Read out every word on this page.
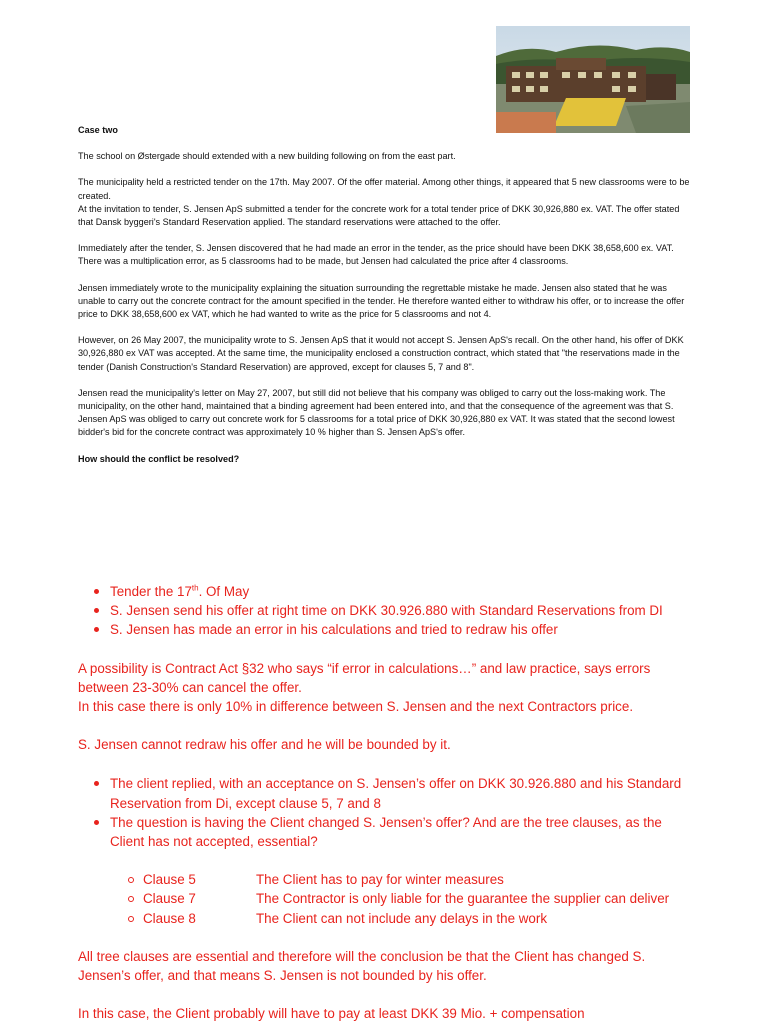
Case two

The school on Østergade should extended with a new building following on from the east part.

The municipality held a restricted tender on the 17th. May 2007. Of the offer material. Among other things, it appeared that 5 new classrooms were to be created.

At the invitation to tender, S. Jensen ApS submitted a tender for the concrete work for a total tender price of DKK 30,926,880 ex. VAT. The offer stated that Dansk byggeri's Standard Reservation applied. The standard reservations were attached to the offer.

Immediately after the tender, S. Jensen discovered that he had made an error in the tender, as the price should have been DKK 38,658,600 ex. VAT. There was a multiplication error, as 5 classrooms had to be made, but Jensen had calculated the price after 4 classrooms.

Jensen immediately wrote to the municipality explaining the situation surrounding the regrettable mistake he made. Jensen also stated that he was unable to carry out the concrete contract for the amount specified in the tender. He therefore wanted either to withdraw his offer, or to increase the offer price to DKK 38,658,600 ex VAT, which he had wanted to write as the price for 5 classrooms and not 4.

However, on 26 May 2007, the municipality wrote to S. Jensen ApS that it would not accept S. Jensen ApS's recall. On the other hand, his offer of DKK 30,926,880 ex VAT was accepted. At the same time, the municipality enclosed a construction contract, which stated that "the reservations made in the tender (Danish Construction's Standard Reservation) are approved, except for clauses 5, 7 and 8".

Jensen read the municipality's letter on May 27, 2007, but still did not believe that his company was obliged to carry out the loss-making work. The municipality, on the other hand, maintained that a binding agreement had been entered into, and that the consequence of the agreement was that S. Jensen ApS was obliged to carry out concrete work for 5 classrooms for a total price of DKK 30,926,880 ex VAT. It was stated that the second lowest bidder's bid for the concrete contract was approximately 10 % higher than S. Jensen ApS's offer.

How should the conflict be resolved?

Tender the 17th. Of May
S. Jensen send his offer at right time on DKK 30.926.880 with Standard Reservations from DI
S. Jensen has made an error in his calculations and tried to redraw his offer

A possibility is Contract Act §32 who says “if error in calculations…” and law practice, says errors between 23-30% can cancel the offer.

In this case there is only 10% in difference between S. Jensen and the next Contractors price.

S. Jensen cannot redraw his offer and he will be bounded by it.

The client replied, with an acceptance on S. Jensen’s offer on DKK 30.926.880 and his Standard Reservation from Di, except clause 5, 7 and 8
The question is having the Client changed S. Jensen’s offer? And are the tree clauses, as the Client has not accepted, essential?
Clause 5	The Client has to pay for winter measures
Clause 7	The Contractor is only liable for the guarantee the supplier can deliver
Clause 8	The Client can not include any delays in the work

All tree clauses are essential and therefore will the conclusion be that the Client has changed S. Jensen’s offer, and that means S. Jensen is not bounded by his offer.

In this case, the Client probably will have to pay at least DKK 39 Mio. + compensation
